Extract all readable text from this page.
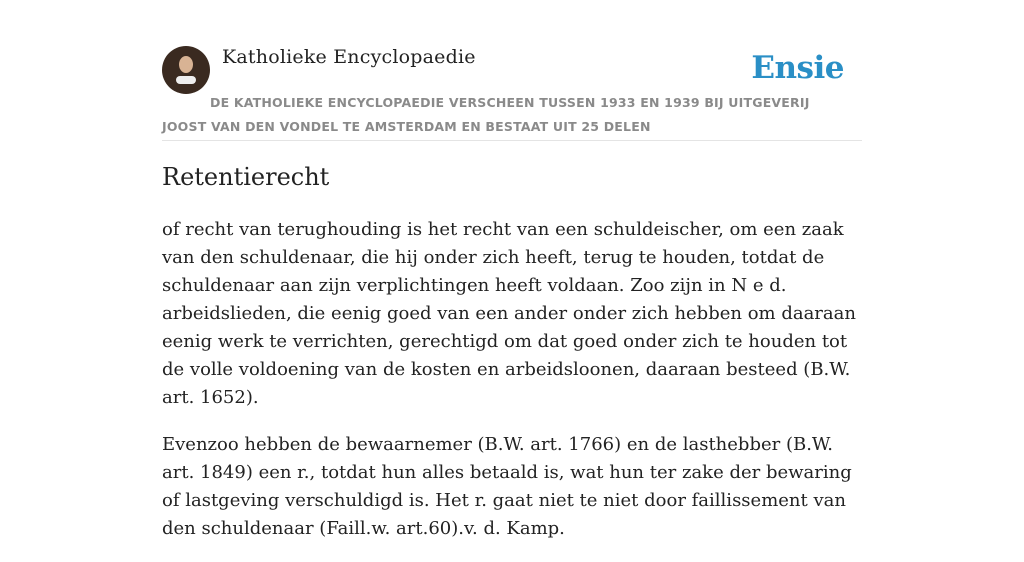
Katholieke Encyclopaedie	Ensie
DE KATHOLIEKE ENCYCLOPAEDIE VERSCHEEN TUSSEN 1933 EN 1939 BIJ UITGEVERIJ JOOST VAN DEN VONDEL TE AMSTERDAM EN BESTAAT UIT 25 DELEN
Retentierecht

of recht van terughouding is het recht van een schuldeischer, om een zaak van den schuldenaar, die hij onder zich heeft, terug te houden, totdat de schuldenaar aan zijn verplichtingen heeft voldaan. Zoo zijn in N e d. arbeidslieden, die eenig goed van een ander onder zich hebben om daaraan eenig werk te verrichten, gerechtigd om dat goed onder zich te houden tot de volle voldoening van de kosten en arbeidsloonen, daaraan besteed (B.W. art. 1652).

Evenzoo hebben de bewaarnemer (B.W. art. 1766) en de lasthebber (B.W. art. 1849) een r., totdat hun alles betaald is, wat hun ter zake der bewaring of lastgeving verschuldigd is. Het r. gaat niet te niet door faillissement van den schuldenaar (Faill.w. art.60).v. d. Kamp.
